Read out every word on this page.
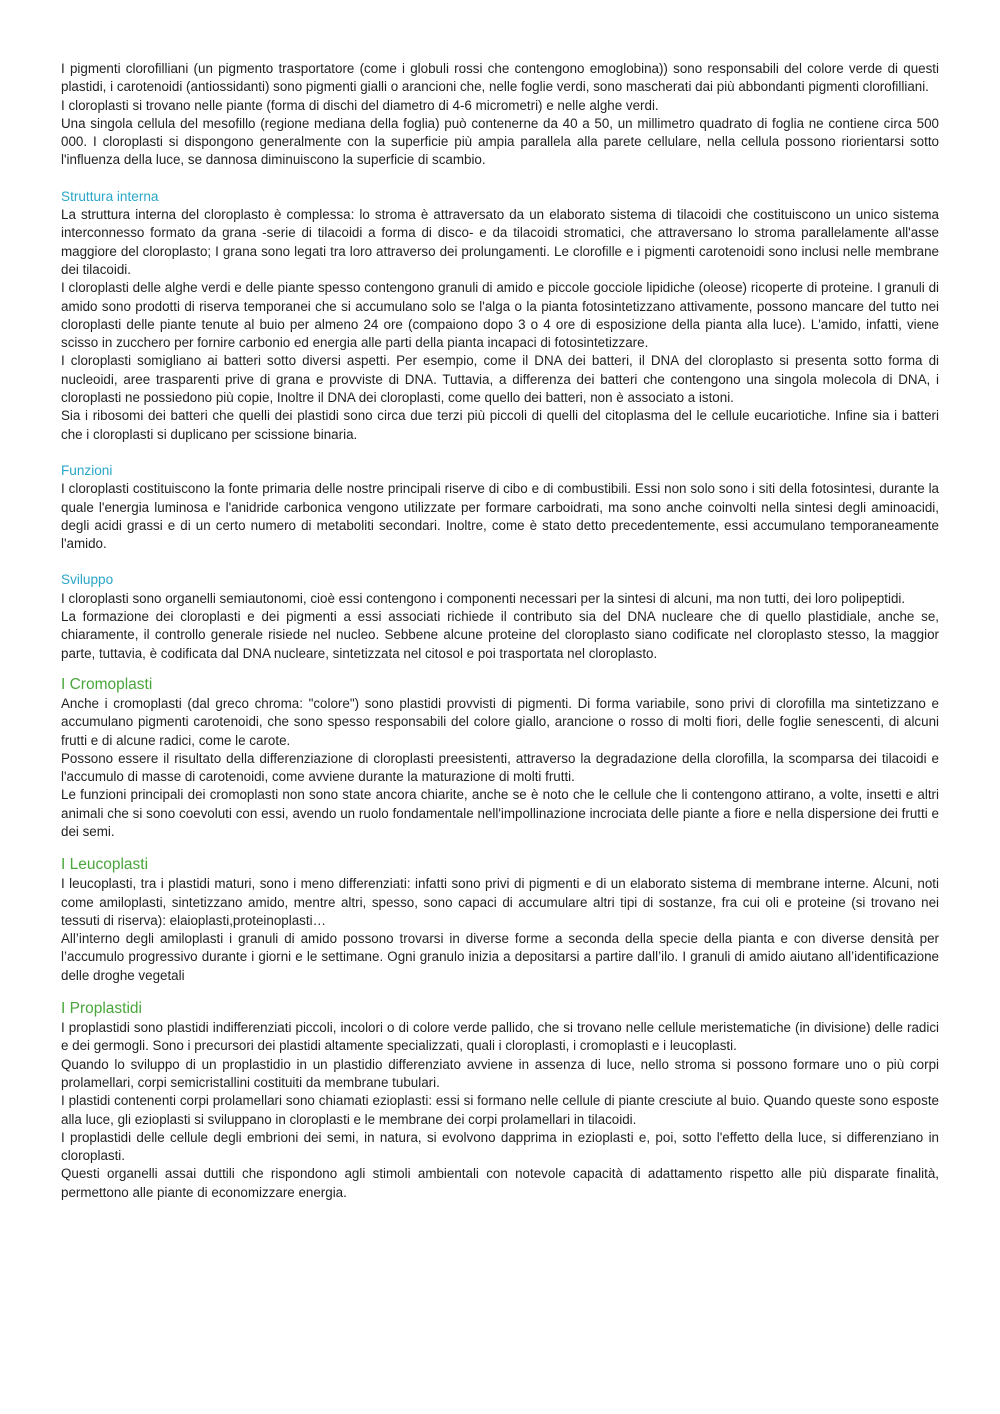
I pigmenti clorofilliani (un pigmento trasportatore (come i globuli rossi che contengono emoglobina)) sono responsabili del colore verde di questi plastidi, i carotenoidi (antiossidanti) sono pigmenti gialli o arancioni che, nelle foglie verdi, sono mascherati dai più abbondanti pigmenti clorofilliani.

I cloroplasti si trovano nelle piante (forma di dischi del diametro di 4-6 micrometri) e nelle alghe verdi.

Una singola cellula del mesofillo (regione mediana della foglia) può contenerne da 40 a 50, un millimetro quadrato di foglia ne contiene circa 500 000. I cloroplasti si dispongono generalmente con la superficie più ampia parallela alla parete cellulare, nella cellula possono riorientarsi sotto l'influenza della luce, se dannosa diminuiscono la superficie di scambio.

Struttura interna

La struttura interna del cloroplasto è complessa: lo stroma è attraversato da un elaborato sistema di tilacoidi che costituiscono un unico sistema interconnesso formato da grana -serie di tilacoidi a forma di disco- e da tilacoidi stromatici, che attraversano lo stroma parallelamente all'asse maggiore del cloroplasto; I grana sono legati tra loro attraverso dei prolungamenti. Le clorofille e i pigmenti carotenoidi sono inclusi nelle membrane dei tilacoidi.

I cloroplasti delle alghe verdi e delle piante spesso contengono granuli di amido e piccole gocciole lipidiche (oleose) ricoperte di proteine. I granuli di amido sono prodotti di riserva temporanei che si accumulano solo se l'alga o la pianta fotosintetizzano attivamente, possono mancare del tutto nei cloroplasti delle piante tenute al buio per almeno 24 ore (compaiono dopo 3 o 4 ore di esposizione della pianta alla luce). L'amido, infatti, viene scisso in zucchero per fornire carbonio ed energia alle parti della pianta incapaci di fotosintetizzare.

I cloroplasti somigliano ai batteri sotto diversi aspetti. Per esempio, come il DNA dei batteri, il DNA del cloroplasto si presenta sotto forma di nucleoidi, aree trasparenti prive di grana e provviste di DNA. Tuttavia, a differenza dei batteri che contengono una singola molecola di DNA, i cloroplasti ne possiedono più copie, Inoltre il DNA dei cloroplasti, come quello dei batteri, non è associato a istoni.

Sia i ribosomi dei batteri che quelli dei plastidi sono circa due terzi più piccoli di quelli del citoplasma del le cellule eucariotiche. Infine sia i batteri che i cloroplasti si duplicano per scissione binaria.

Funzioni

I cloroplasti costituiscono la fonte primaria delle nostre principali riserve di cibo e di combustibili. Essi non solo sono i siti della fotosintesi, durante la quale l'energia luminosa e l'anidride carbonica vengono utilizzate per formare carboidrati, ma sono anche coinvolti nella sintesi degli aminoacidi, degli acidi grassi e di un certo numero di metaboliti secondari. Inoltre, come è stato detto precedentemente, essi accumulano temporaneamente l'amido.

Sviluppo

I cloroplasti sono organelli semiautonomi, cioè essi contengono i componenti necessari per la sintesi di alcuni, ma non tutti, dei loro polipeptidi.

La formazione dei cloroplasti e dei pigmenti a essi associati richiede il contributo sia del DNA nucleare che di quello plastidiale, anche se, chiaramente, il controllo generale risiede nel nucleo. Sebbene alcune proteine del cloroplasto siano codificate nel cloroplasto stesso, la maggior parte, tuttavia, è codificata dal DNA nucleare, sintetizzata nel citosol e poi trasportata nel cloroplasto.

I Cromoplasti

Anche i cromoplasti (dal greco chroma: "colore") sono plastidi provvisti di pigmenti. Di forma variabile, sono privi di clorofilla ma sintetizzano e accumulano pigmenti carotenoidi, che sono spesso responsabili del colore giallo, arancione o rosso di molti fiori, delle foglie senescenti, di alcuni frutti e di alcune radici, come le carote.

Possono essere il risultato della differenziazione di cloroplasti preesistenti, attraverso la degradazione della clorofilla, la scomparsa dei tilacoidi e l'accumulo di masse di carotenoidi, come avviene durante la maturazione di molti frutti.

Le funzioni principali dei cromoplasti non sono state ancora chiarite, anche se è noto che le cellule che li contengono attirano, a volte, insetti e altri animali che si sono coevoluti con essi, avendo un ruolo fondamentale nell'impollinazione incrociata delle piante a fiore e nella dispersione dei frutti e dei semi.

I Leucoplasti

I leucoplasti, tra i plastidi maturi, sono i meno differenziati: infatti sono privi di pigmenti e di un elaborato sistema di membrane interne. Alcuni, noti come amiloplasti, sintetizzano amido, mentre altri, spesso, sono capaci di accumulare altri tipi di sostanze, fra cui oli e proteine (si trovano nei tessuti di riserva): elaioplasti,proteinoplasti…

All’interno degli amiloplasti i granuli di amido possono trovarsi in diverse forme a seconda della specie della pianta e con diverse densità per l’accumulo progressivo durante i giorni e le settimane. Ogni granulo inizia a depositarsi a partire dall’ilo. I granuli di amido aiutano all’identificazione delle droghe vegetali

I Proplastidi

I proplastidi sono plastidi indifferenziati piccoli, incolori o di colore verde pallido, che si trovano nelle cellule meristematiche (in divisione) delle radici e dei germogli. Sono i precursori dei plastidi altamente specializzati, quali i cloroplasti, i cromoplasti e i leucoplasti.

Quando lo sviluppo di un proplastidio in un plastidio differenziato avviene in assenza di luce, nello stroma si possono formare uno o più corpi prolamellari, corpi semicristallini costituiti da membrane tubulari.

I plastidi contenenti corpi prolamellari sono chiamati ezioplasti: essi si formano nelle cellule di piante cresciute al buio. Quando queste sono esposte alla luce, gli ezioplasti si sviluppano in cloroplasti e le membrane dei corpi prolamellari in tilacoidi.

I proplastidi delle cellule degli embrioni dei semi, in natura, si evolvono dapprima in ezioplasti e, poi, sotto l'effetto della luce, si differenziano in cloroplasti.

Questi organelli assai duttili che rispondono agli stimoli ambientali con notevole capacità di adattamento rispetto alle più disparate finalità, permettono alle piante di economizzare energia.
